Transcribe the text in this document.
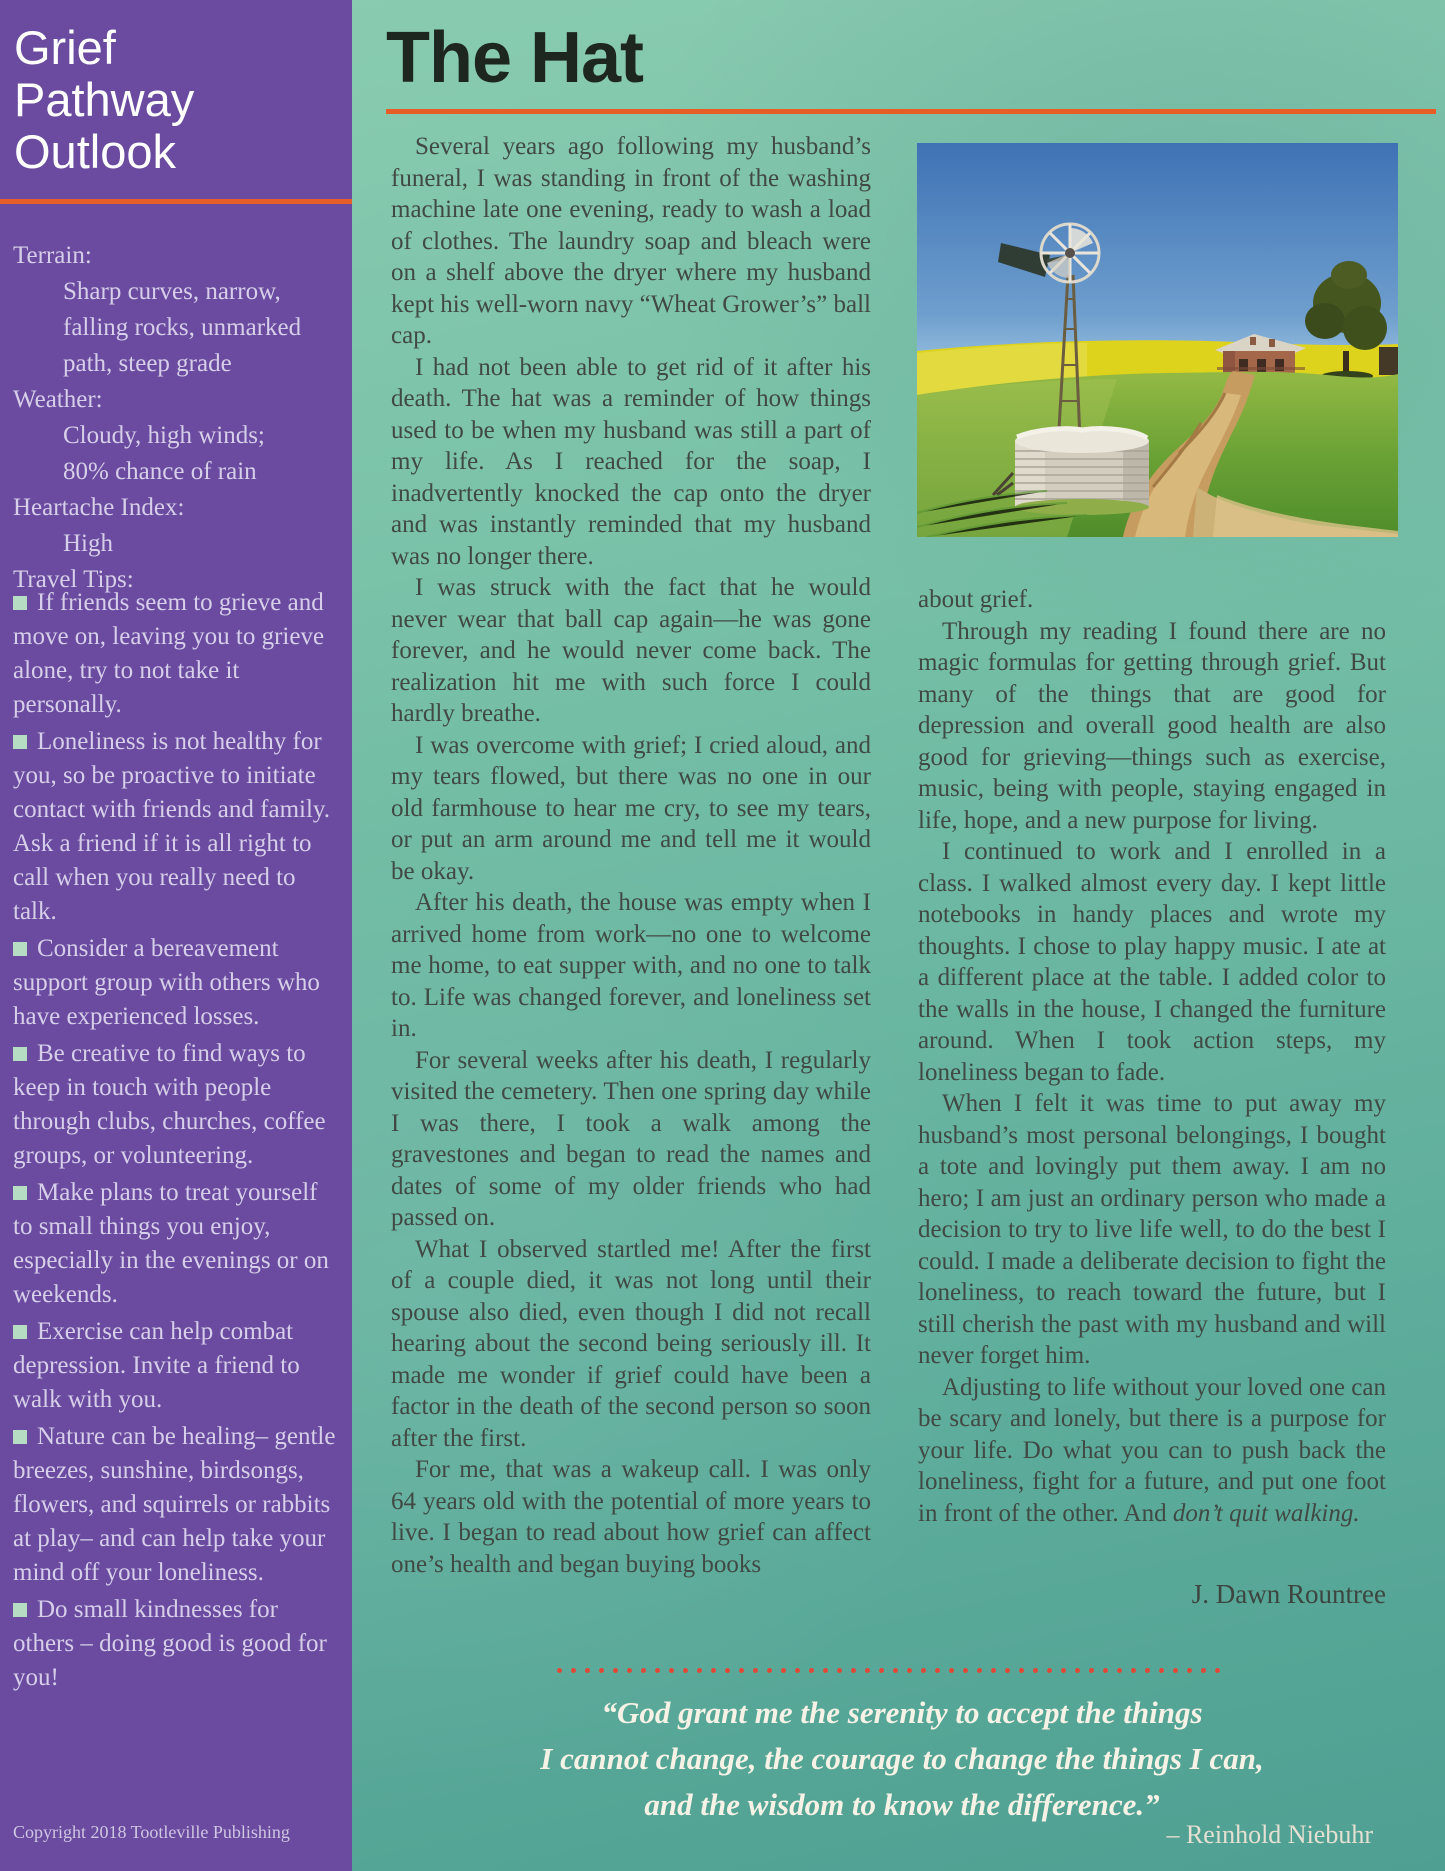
Grief
Pathway
Outlook
Terrain:
Sharp curves, narrow,
falling rocks, unmarked
path, steep grade
Weather:
Cloudy, high winds;
80% chance of rain
Heartache Index:
High
Travel Tips:

If friends seem to grieve and move on, leaving you to grieve alone, try to not take it personally.

Loneliness is not healthy for you, so be proactive to initiate contact with friends and family. Ask a friend if it is all right to call when you really need to talk.

Consider a bereavement support group with others who have experienced losses.

Be creative to find ways to keep in touch with people through clubs, churches, coffee groups, or volunteering.

Make plans to treat yourself to small things you enjoy, especially in the evenings or on weekends.

Exercise can help combat depression. Invite a friend to walk with you.

Nature can be healing– gentle breezes, sunshine, birdsongs, flowers, and squirrels or rabbits at play– and can help take your mind off your loneliness.

Do small kindnesses for others – doing good is good for you!

Copyright 2018 Tootleville Publishing
The Hat

Several years ago following my husband’s funeral, I was standing in front of the washing machine late one evening, ready to wash a load of clothes. The laundry soap and bleach were on a shelf above the dryer where my husband kept his well-worn navy “Wheat Grower’s” ball cap.

I had not been able to get rid of it after his death. The hat was a reminder of how things used to be when my husband was still a part of my life. As I reached for the soap, I inadvertently knocked the cap onto the dryer and was instantly reminded that my husband was no longer there.

I was struck with the fact that he would never wear that ball cap again—he was gone forever, and he would never come back. The realization hit me with such force I could hardly breathe.

I was overcome with grief; I cried aloud, and my tears flowed, but there was no one in our old farmhouse to hear me cry, to see my tears, or put an arm around me and tell me it would be okay.

After his death, the house was empty when I arrived home from work—no one to welcome me home, to eat supper with, and no one to talk to. Life was changed forever, and loneliness set in.

For several weeks after his death, I regularly visited the cemetery. Then one spring day while I was there, I took a walk among the gravestones and began to read the names and dates of some of my older friends who had passed on.

What I observed startled me! After the first of a couple died, it was not long until their spouse also died, even though I did not recall hearing about the second being seriously ill. It made me wonder if grief could have been a factor in the death of the second person so soon after the first.

For me, that was a wakeup call. I was only 64 years old with the potential of more years to live. I began to read about how grief can affect one’s health and began buying books

about grief.

Through my reading I found there are no magic formulas for getting through grief. But many of the things that are good for depression and overall good health are also good for grieving—things such as exercise, music, being with people, staying engaged in life, hope, and a new purpose for living.

I continued to work and I enrolled in a class. I walked almost every day. I kept little notebooks in handy places and wrote my thoughts. I chose to play happy music. I ate at a different place at the table. I added color to the walls in the house, I changed the furniture around. When I took action steps, my loneliness began to fade.

When I felt it was time to put away my husband’s most personal belongings, I bought a tote and lovingly put them away. I am no hero; I am just an ordinary person who made a decision to try to live life well, to do the best I could. I made a deliberate decision to fight the loneliness, to reach toward the future, but I still cherish the past with my husband and will never forget him.

Adjusting to life without your loved one can be scary and lonely, but there is a purpose for your life. Do what you can to push back the loneliness, fight for a future, and put one foot in front of the other. And don’t quit walking.

J. Dawn Rountree
“God grant me the serenity to accept the things
I cannot change, the courage to change the things I can,
and the wisdom to know the difference.”
– Reinhold Niebuhr
